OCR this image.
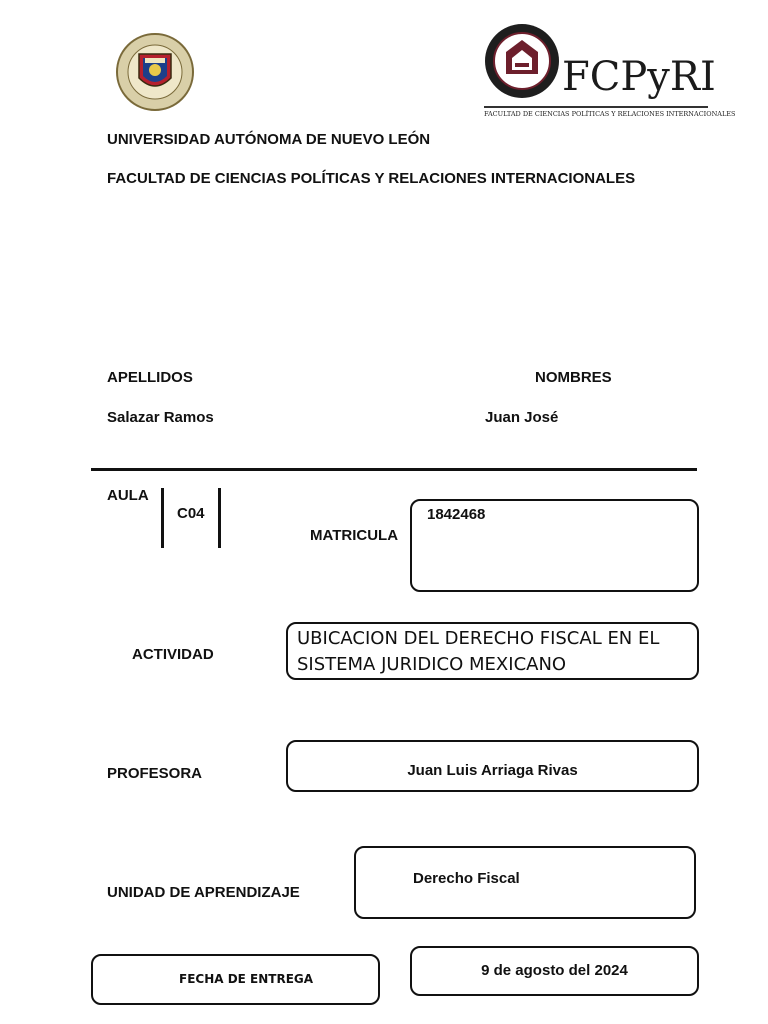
FCPyRI
FACULTAD DE CIENCIAS POLÍTICAS Y RELACIONES INTERNACIONALES
UNIVERSIDAD AUTÓNOMA DE NUEVO LEÓN
FACULTAD DE CIENCIAS POLÍTICAS Y RELACIONES INTERNACIONALES
APELLIDOS	NOMBRES
Salazar Ramos	Juan José
AULA
C04
MATRICULA
1842468
ACTIVIDAD
UBICACION DEL DERECHO FISCAL EN EL SISTEMA JURIDICO MEXICANO
PROFESORA	Juan Luis Arriaga Rivas
UNIDAD DE APRENDIZAJE
Derecho Fiscal
FECHA DE ENTREGA	9 de agosto del 2024
